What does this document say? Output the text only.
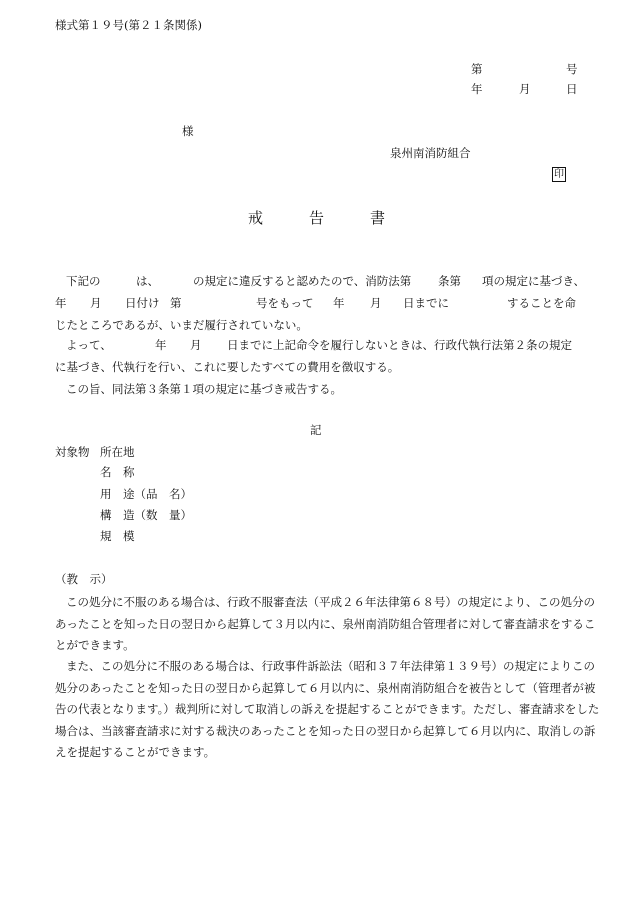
様式第１９号(第２１条関係)
第	号
年	月	日
様
泉州南消防組合
印
戒	告	書
下記の	は、	の規定に違反すると認めたので、消防法第 条第 項の規定に基づき、
年 月 日付け 第	号をもって 年 月 日までに	することを命
じたところであるが、いまだ履行されていない。
よって、	年 月 日までに上記命令を履行しないときは、行政代執行法第２条の規定
に基づき、代執行を行い、これに要したすべての費用を徴収する。
この旨、同法第３条第１項の規定に基づき戒告する。
記
対象物 所在地
名　称
用　途（品　名）
構　造（数　量）
規　模
（教　示）
この処分に不服のある場合は、行政不服審査法（平成２６年法律第６８号）の規定により、この処分の
あったことを知った日の翌日から起算して３月以内に、泉州南消防組合管理者に対して審査請求をするこ
とができます。
また、この処分に不服のある場合は、行政事件訴訟法（昭和３７年法律第１３９号）の規定によりこの
処分のあったことを知った日の翌日から起算して６月以内に、泉州南消防組合を被告として（管理者が被
告の代表となります。）裁判所に対して取消しの訴えを提起することができます。ただし、審査請求をした
場合は、当該審査請求に対する裁決のあったことを知った日の翌日から起算して６月以内に、取消しの訴
えを提起することができます。
